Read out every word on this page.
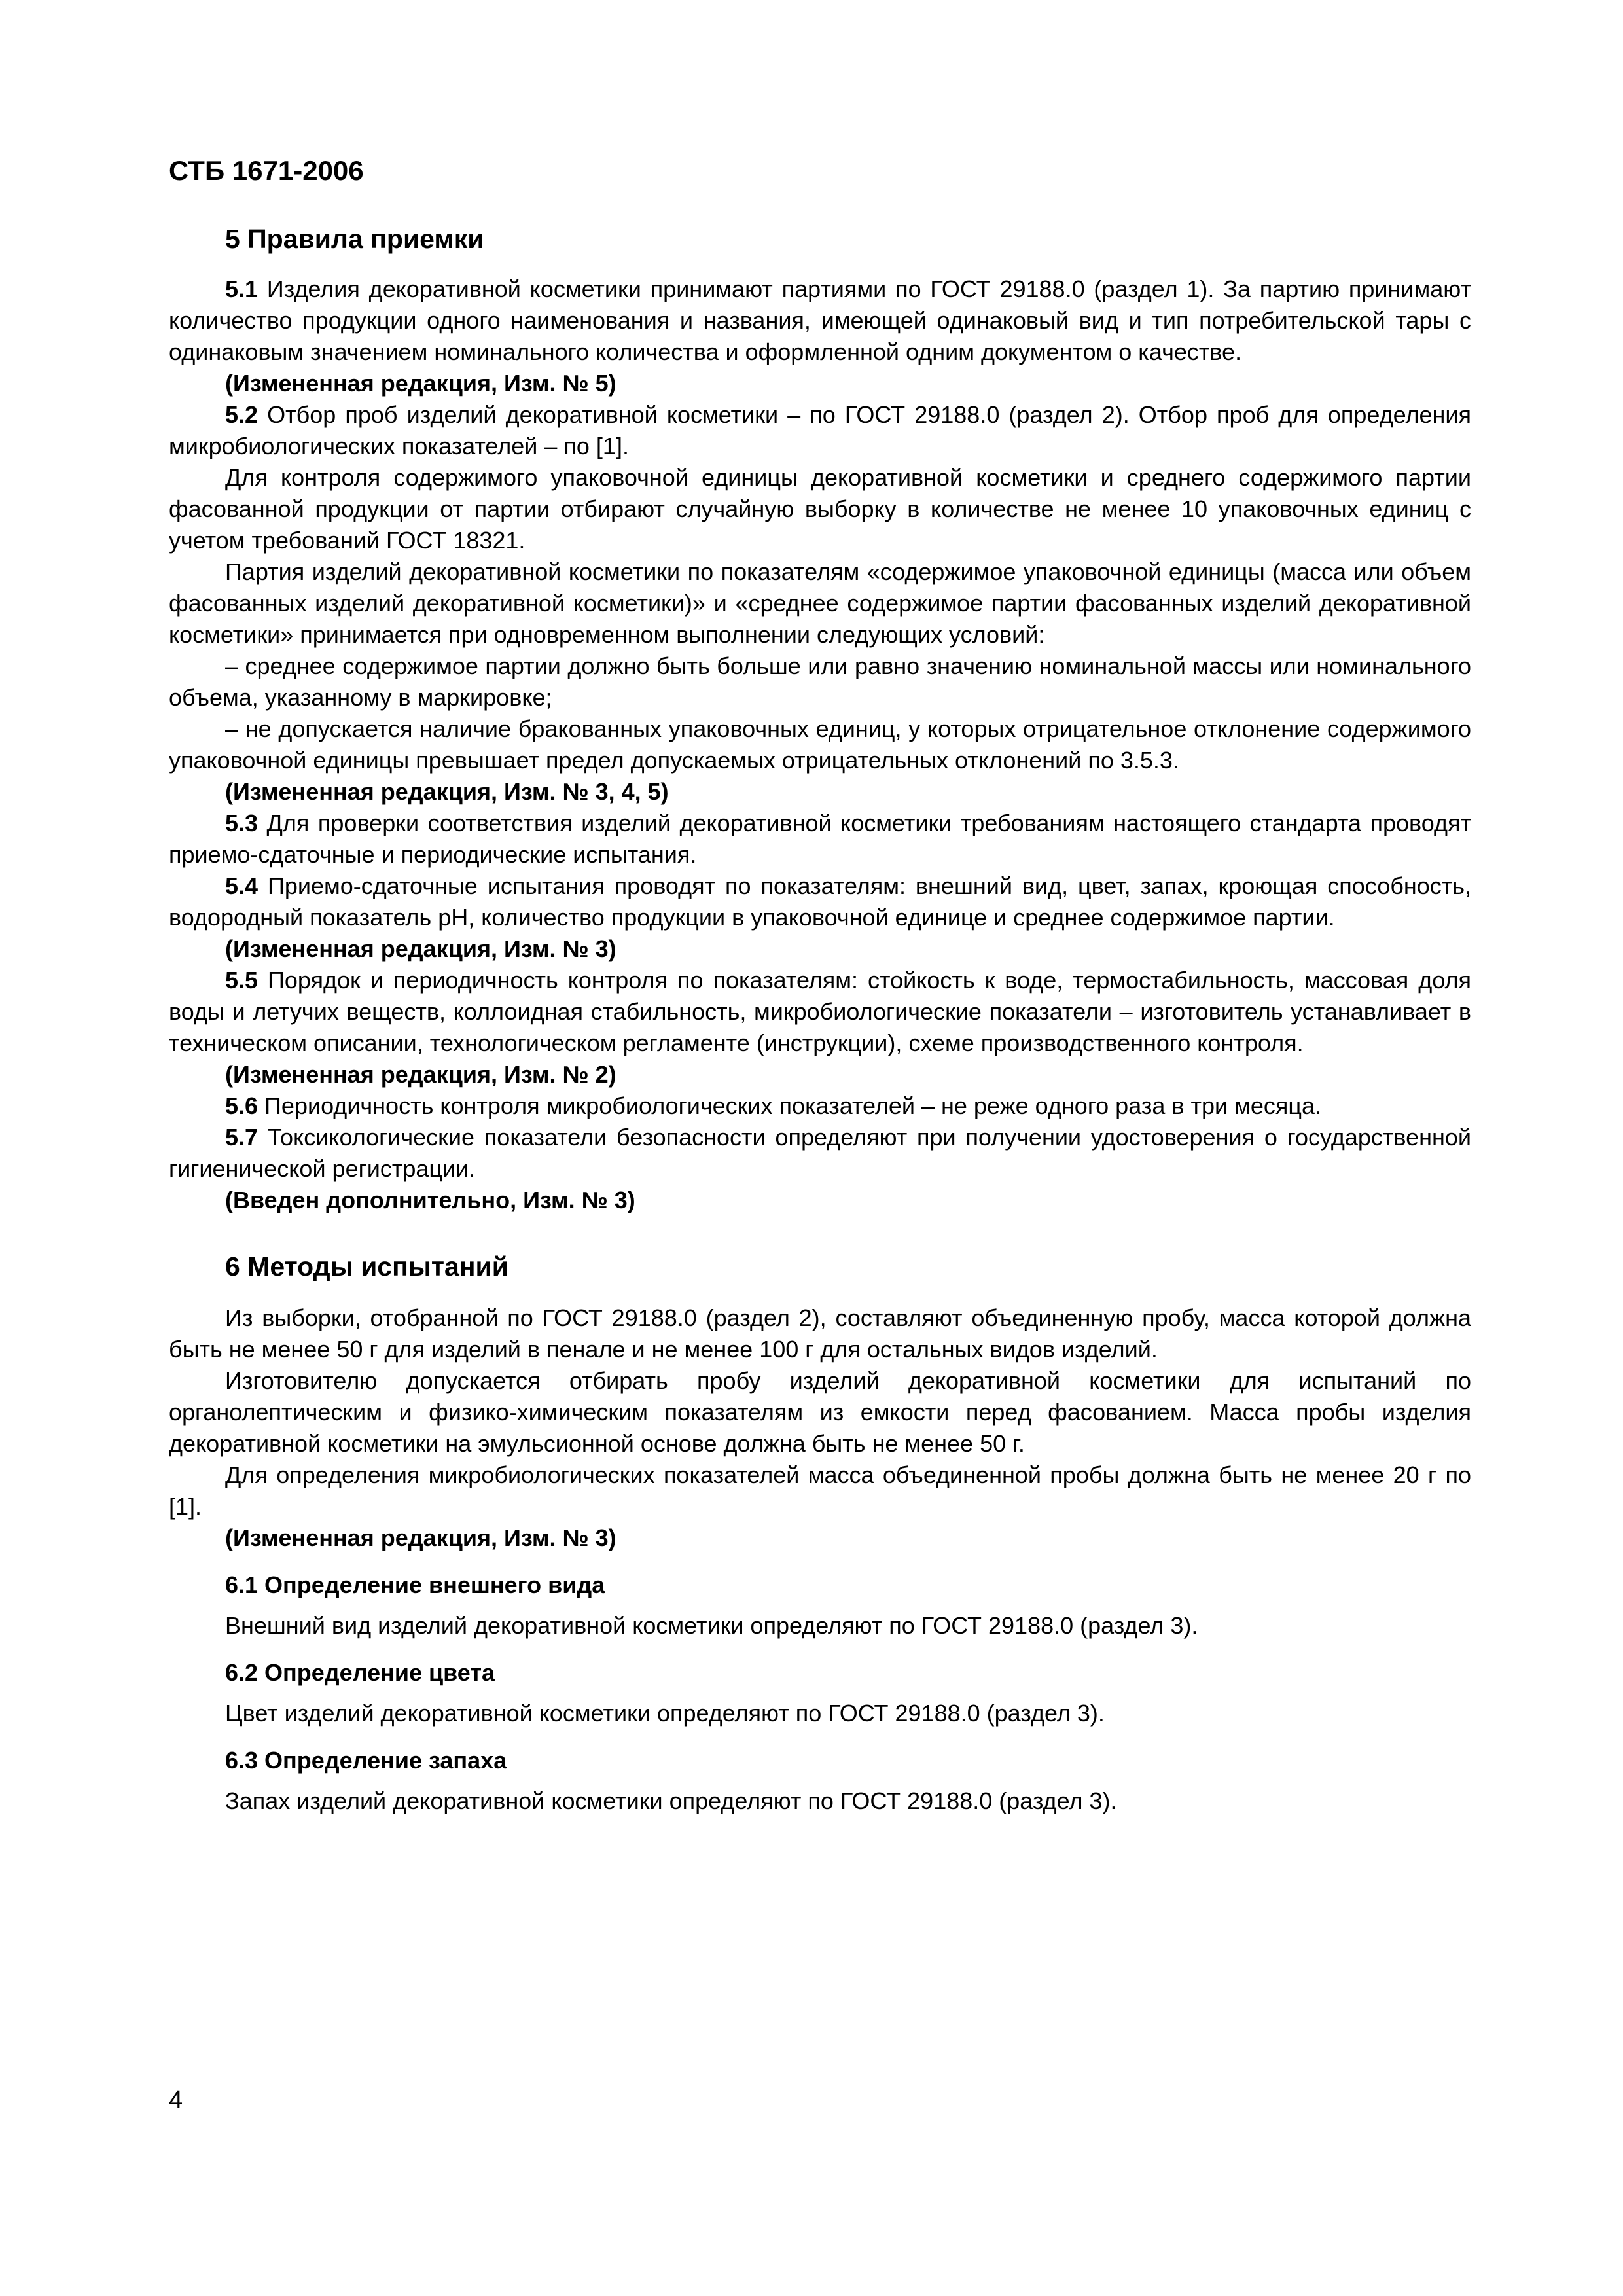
СТБ 1671-2006
5 Правила приемки

5.1 Изделия декоративной косметики принимают партиями по ГОСТ 29188.0 (раздел 1). За партию принимают количество продукции одного наименования и названия, имеющей одинаковый вид и тип потребительской тары с одинаковым значением номинального количества и оформленной одним документом о качестве.

(Измененная редакция, Изм. № 5)

5.2 Отбор проб изделий декоративной косметики – по ГОСТ 29188.0 (раздел 2). Отбор проб для определения микробиологических показателей – по [1].

Для контроля содержимого упаковочной единицы декоративной косметики и среднего содержимого партии фасованной продукции от партии отбирают случайную выборку в количестве не менее 10 упаковочных единиц с учетом требований ГОСТ 18321.

Партия изделий декоративной косметики по показателям «содержимое упаковочной единицы (масса или объем фасованных изделий декоративной косметики)» и «среднее содержимое партии фасованных изделий декоративной косметики» принимается при одновременном выполнении следующих условий:

– среднее содержимое партии должно быть больше или равно значению номинальной массы или номинального объема, указанному в маркировке;

– не допускается наличие бракованных упаковочных единиц, у которых отрицательное отклонение содержимого упаковочной единицы превышает предел допускаемых отрицательных отклонений по 3.5.3.

(Измененная редакция, Изм. № 3, 4, 5)

5.3 Для проверки соответствия изделий декоративной косметики требованиям настоящего стандарта проводят приемо-сдаточные и периодические испытания.

5.4 Приемо-сдаточные испытания проводят по показателям: внешний вид, цвет, запах, кроющая способность, водородный показатель pH, количество продукции в упаковочной единице и среднее содержимое партии.

(Измененная редакция, Изм. № 3)

5.5 Порядок и периодичность контроля по показателям: стойкость к воде, термостабильность, массовая доля воды и летучих веществ, коллоидная стабильность, микробиологические показатели – изготовитель устанавливает в техническом описании, технологическом регламенте (инструкции), схеме производственного контроля.

(Измененная редакция, Изм. № 2)

5.6 Периодичность контроля микробиологических показателей – не реже одного раза в три месяца.

5.7 Токсикологические показатели безопасности определяют при получении удостоверения о государственной гигиенической регистрации.

(Введен дополнительно, Изм. № 3)
6 Методы испытаний

Из выборки, отобранной по ГОСТ 29188.0 (раздел 2), составляют объединенную пробу, масса которой должна быть не менее 50 г для изделий в пенале и не менее 100 г для остальных видов изделий.

Изготовителю допускается отбирать пробу изделий декоративной косметики для испытаний по органолептическим и физико-химическим показателям из емкости перед фасованием. Масса пробы изделия декоративной косметики на эмульсионной основе должна быть не менее 50 г.

Для определения микробиологических показателей масса объединенной пробы должна быть не менее 20 г по [1].

(Измененная редакция, Изм. № 3)
6.1 Определение внешнего вида

Внешний вид изделий декоративной косметики определяют по ГОСТ 29188.0 (раздел 3).

6.2 Определение цвета

Цвет изделий декоративной косметики определяют по ГОСТ 29188.0 (раздел 3).

6.3 Определение запаха

Запах изделий декоративной косметики определяют по ГОСТ 29188.0 (раздел 3).

4
